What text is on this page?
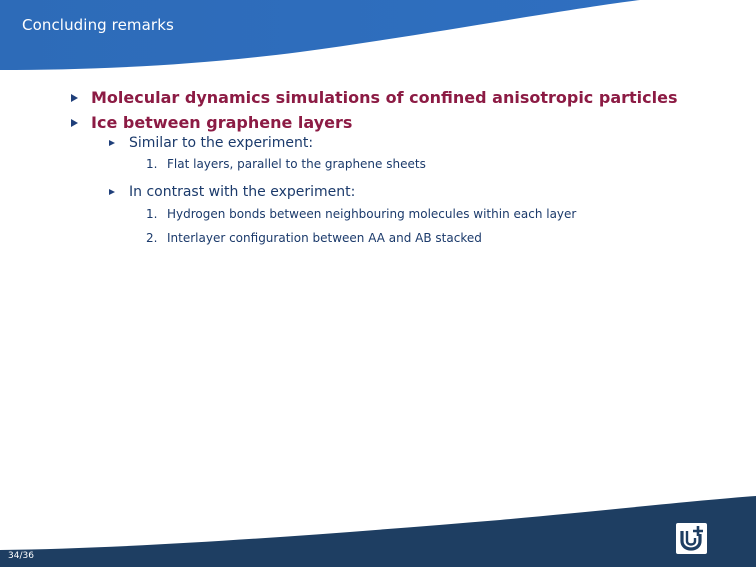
Concluding remarks
Molecular dynamics simulations of confined anisotropic particles
Ice between graphene layers
Similar to the experiment:
1. Flat layers, parallel to the graphene sheets
In contrast with the experiment:
1. Hydrogen bonds between neighbouring molecules within each layer
2. Interlayer configuration between AA and AB stacked
34/36
